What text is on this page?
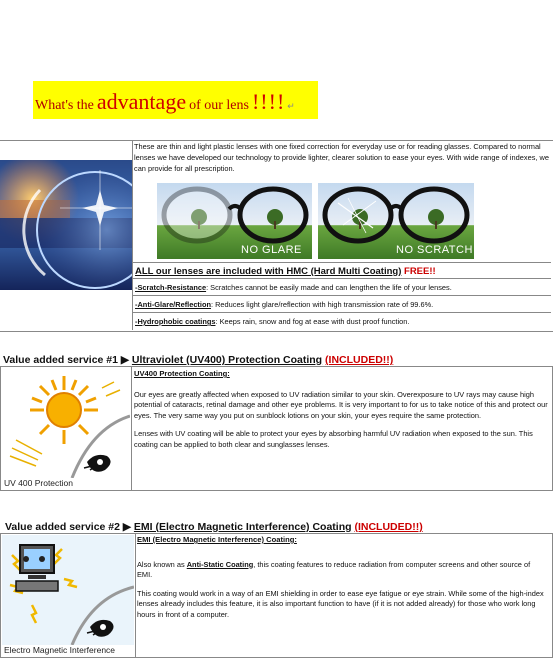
What's the advantage of our lens !!!! ↵
These are thin and light plastic lenses with one fixed correction for everyday use or for reading glasses. Compared to normal lenses we have developed our technology to provide lighter, clearer solution to ease your eyes. With wide range of indexes, we can provide for all prescription.
NO GLARE	NO SCRATCH
ALL our lenses are included with HMC (Hard Multi Coating) FREE!!
-Scratch-Resistance: Scratches cannot be easily made and can lengthen the life of your lenses.
-Anti-Glare/Reflection: Reduces light glare/reflection with high transmission rate of 99.6%.
-Hydrophobic coatings: Keeps rain, snow and fog at ease with dust proof function.
Value added service #1 ▶ Ultraviolet (UV400) Protection Coating (INCLUDED!!)
UV 400 Protection
UV400 Protection Coating:

Our eyes are greatly affected when exposed to UV radiation similar to your skin. Overexposure to UV rays may cause high potential of cataracts, retinal damage and other eye problems. It is very important to for us to take notice of this and protect our eyes. The very same way you put on sunblock lotions on your skin, your eyes require the same protection.

Lenses with UV coating will be able to protect your eyes by absorbing harmful UV radiation when exposed to the sun. This coating can be applied to both clear and sunglasses lenses.

Value added service #2 ▶ EMI (Electro Magnetic Interference) Coating (INCLUDED!!)
Electro Magnetic Interference
EMI (Electro Magnetic Interference) Coating:

Also known as Anti-Static Coating, this coating features to reduce radiation from computer screens and other source of EMI.

This coating would work in a way of an EMI shielding in order to ease eye fatigue or eye strain. While some of the high-index lenses already includes this feature, it is also important function to have (if it is not added already) for those who work long hours in front of a computer.
